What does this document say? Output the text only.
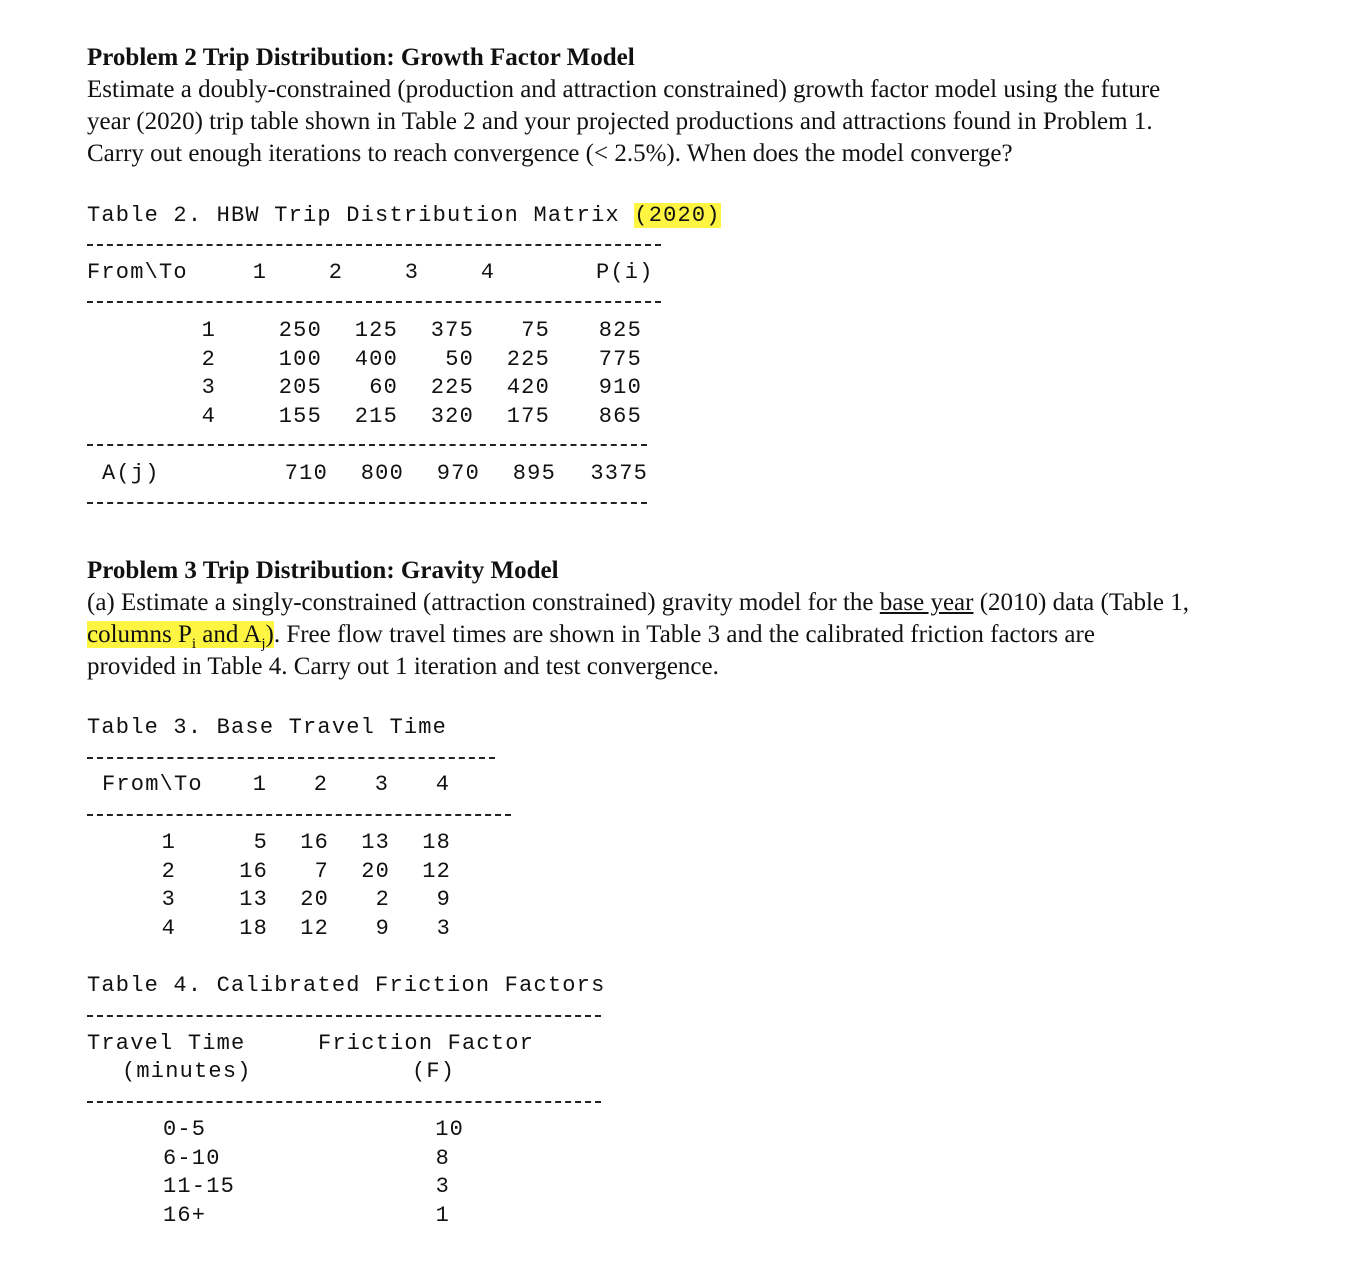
Problem 2 Trip Distribution: Growth Factor Model
Estimate a doubly-constrained (production and attraction constrained) growth factor model using the future
year (2020) trip table shown in Table 2 and your projected productions and attractions found in Problem 1.
Carry out enough iterations to reach convergence (< 2.5%). When does the model converge?
Table 2. HBW Trip Distribution Matrix (2020)
From\To	1	2	3	4	P(i)
1	250	125	375	75	825
2	100	400	50	225	775
3	205	60	225	420	910
4	155	215	320	175	865
A(j)	710	800	970	895	3375
Problem 3 Trip Distribution: Gravity Model
(a) Estimate a singly-constrained (attraction constrained) gravity model for the base year (2010) data (Table 1,
columns $P_i$ and $A_j$). Free flow travel times are shown in Table 3 and the calibrated friction factors are
provided in Table 4. Carry out 1 iteration and test convergence.
Table 3. Base Travel Time
From\To	1	2	3	4
1	5	16	13	18
2	16	7	20	12
3	13	20	2	9
4	18	12	9	3
Table 4. Calibrated Friction Factors
Travel Time
(minutes)
Friction Factor
(F)
0-5	10
6-10	8
11-15	3
16+	1
